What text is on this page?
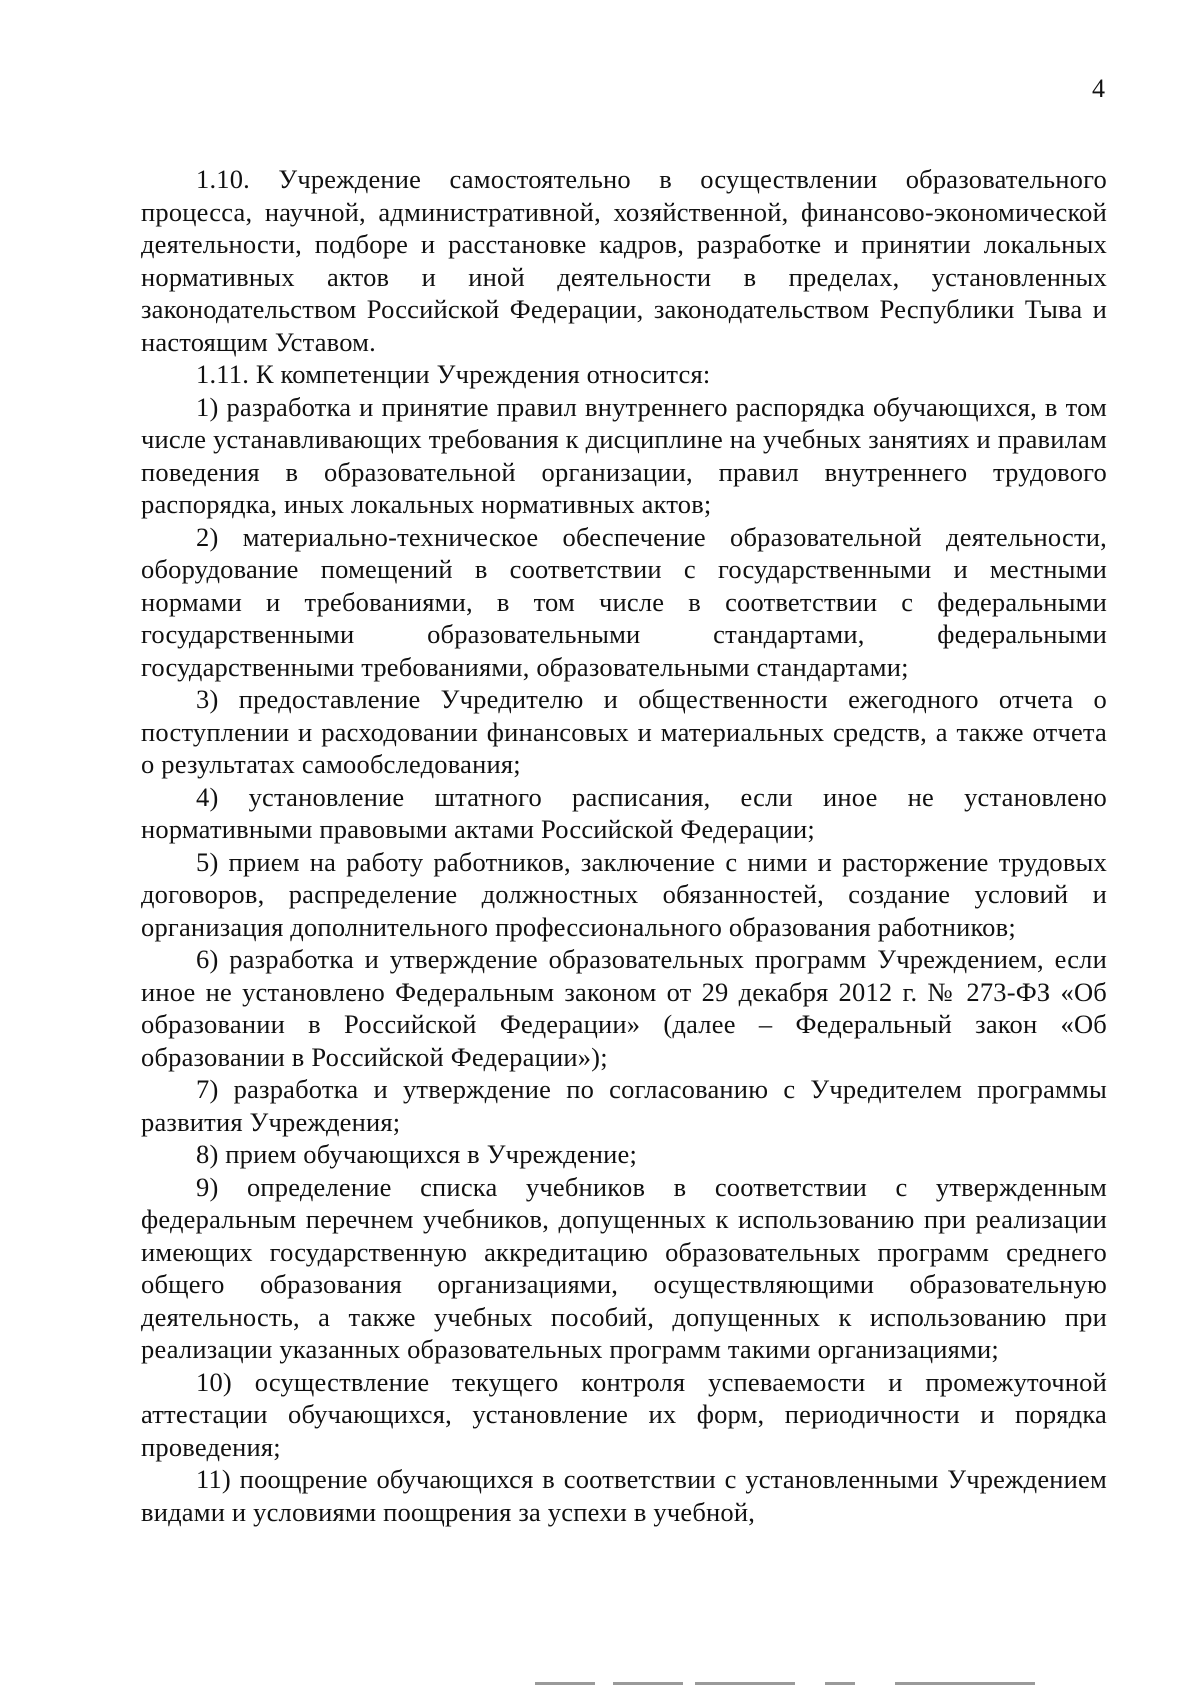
4

1.10. Учреждение самостоятельно в осуществлении образовательного процесса, научной, административной, хозяйственной, финансово-экономической деятельности, подборе и расстановке кадров, разработке и принятии локальных нормативных актов и иной деятельности в пределах, установленных законодательством Российской Федерации, законодательством Республики Тыва и настоящим Уставом.

1.11. К компетенции Учреждения относится:

1) разработка и принятие правил внутреннего распорядка обучающихся, в том числе устанавливающих требования к дисциплине на учебных занятиях и правилам поведения в образовательной организации, правил внутреннего трудового распорядка, иных локальных нормативных актов;

2) материально-техническое обеспечение образовательной деятельности, оборудование помещений в соответствии с государственными и местными нормами и требованиями, в том числе в соответствии с федеральными государственными образовательными стандартами, федеральными государственными требованиями, образовательными стандартами;

3) предоставление Учредителю и общественности ежегодного отчета о поступлении и расходовании финансовых и материальных средств, а также отчета о результатах самообследования;

4) установление штатного расписания, если иное не установлено нормативными правовыми актами Российской Федерации;

5) прием на работу работников, заключение с ними и расторжение трудовых договоров, распределение должностных обязанностей, создание условий и организация дополнительного профессионального образования работников;

6) разработка и утверждение образовательных программ Учреждением, если иное не установлено Федеральным законом от 29 декабря 2012 г. № 273-ФЗ «Об образовании в Российской Федерации» (далее – Федеральный закон «Об образовании в Российской Федерации»);

7) разработка и утверждение по согласованию с Учредителем программы развития Учреждения;

8) прием обучающихся в Учреждение;

9) определение списка учебников в соответствии с утвержденным федеральным перечнем учебников, допущенных к использованию при реализации имеющих государственную аккредитацию образовательных программ среднего общего образования организациями, осуществляющими образовательную деятельность, а также учебных пособий, допущенных к использованию при реализации указанных образовательных программ такими организациями;

10) осуществление текущего контроля успеваемости и промежуточной аттестации обучающихся, установление их форм, периодичности и порядка проведения;

11) поощрение обучающихся в соответствии с установленными Учреждением видами и условиями поощрения за успехи в учебной,
